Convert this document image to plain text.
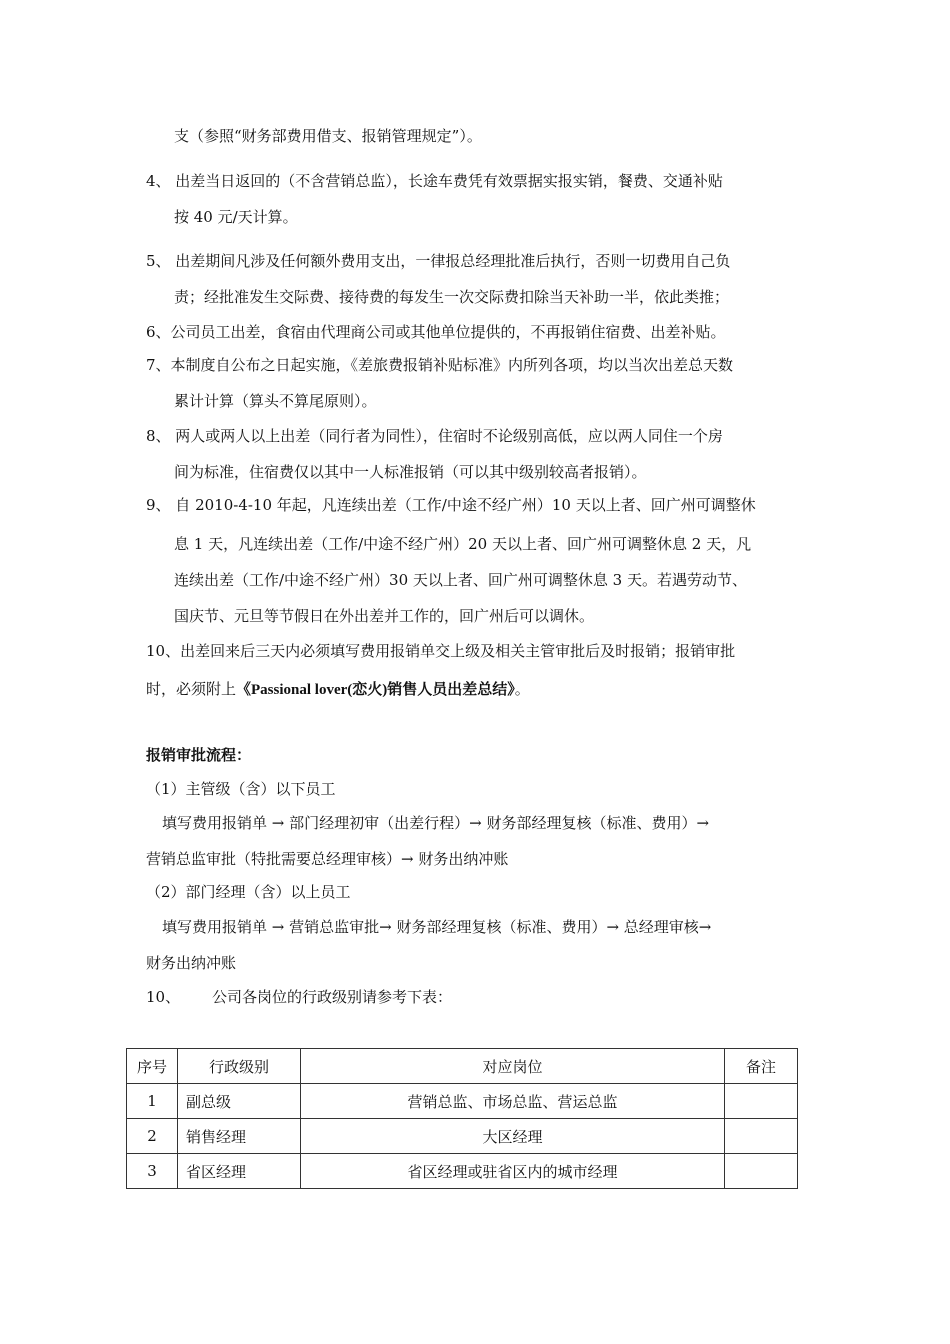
支（参照“财务部费用借支、报销管理规定”）。
4、 出差当日返回的（不含营销总监），长途车费凭有效票据实报实销，餐费、交通补贴
按 40 元/天计算。
5、 出差期间凡涉及任何额外费用支出，一律报总经理批准后执行，否则一切费用自己负
责；经批准发生交际费、接待费的每发生一次交际费扣除当天补助一半，依此类推；
6、公司员工出差，食宿由代理商公司或其他单位提供的，不再报销住宿费、出差补贴。
7、本制度自公布之日起实施，《差旅费报销补贴标准》内所列各项，均以当次出差总天数
累计计算（算头不算尾原则）。
8、 两人或两人以上出差（同行者为同性），住宿时不论级别高低，应以两人同住一个房
间为标准，住宿费仅以其中一人标准报销（可以其中级别较高者报销）。
9、 自 2010-4-10 年起，凡连续出差（工作/中途不经广州）10 天以上者、回广州可调整休
息 1 天，凡连续出差（工作/中途不经广州）20 天以上者、回广州可调整休息 2 天，凡
连续出差（工作/中途不经广州）30 天以上者、回广州可调整休息 3 天。若遇劳动节、
国庆节、元旦等节假日在外出差并工作的，回广州后可以调休。
10、出差回来后三天内必须填写费用报销单交上级及相关主管审批后及时报销；报销审批
时，必须附上《Passional lover(恋火)销售人员出差总结》。
报销审批流程：
（1）主管级（含）以下员工
填写费用报销单 → 部门经理初审（出差行程）→ 财务部经理复核（标准、费用）→
营销总监审批（特批需要总经理审核）→ 财务出纳冲账
（2）部门经理（含）以上员工
填写费用报销单 → 营销总监审批→ 财务部经理复核（标准、费用）→ 总经理审核→
财务出纳冲账
10、 公司各岗位的行政级别请参考下表：
序号	行政级别	对应岗位	备注
1	副总级	营销总监、市场总监、营运总监	
2	销售经理	大区经理	
3	省区经理	省区经理或驻省区内的城市经理	
